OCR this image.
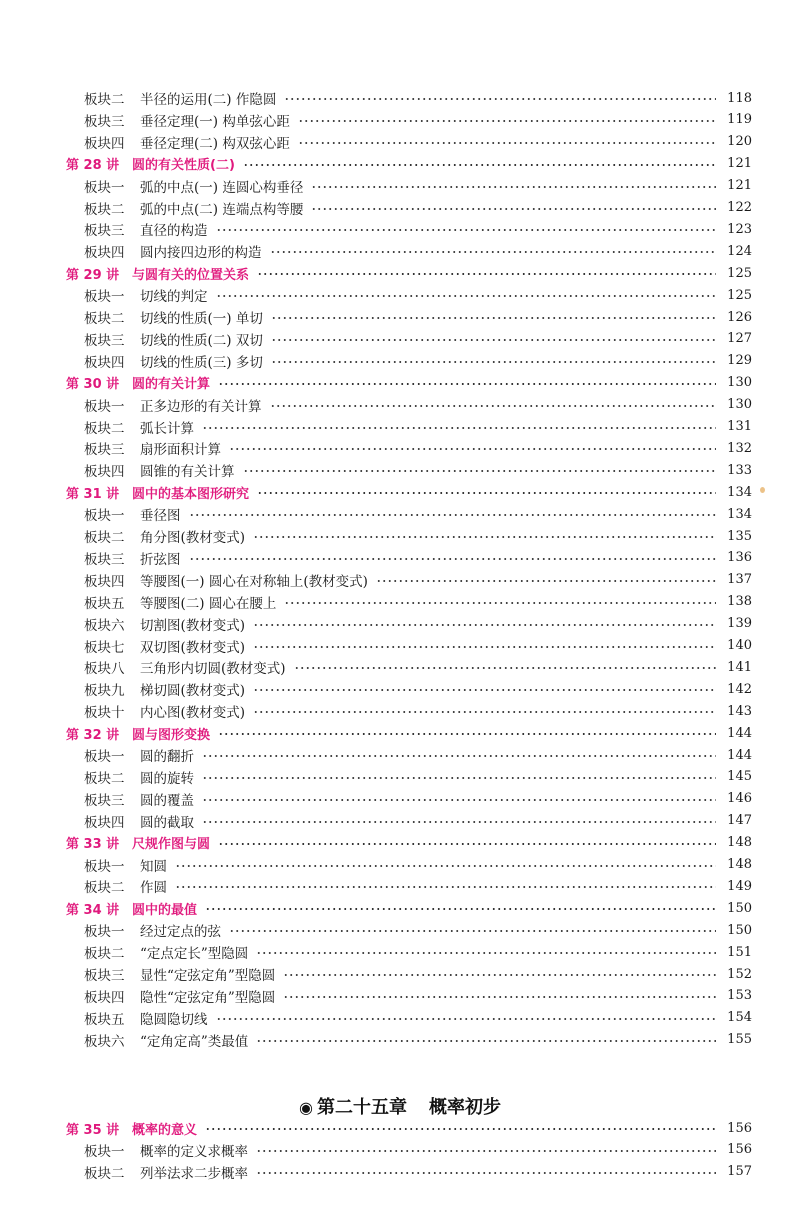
板块二 半径的运用(二) 作隐圆	118
板块三 垂径定理(一) 构单弦心距	119
板块四 垂径定理(二) 构双弦心距	120
第 28 讲 圆的有关性质(二)	121
板块一 弧的中点(一) 连圆心构垂径	121
板块二 弧的中点(二) 连端点构等腰	122
板块三 直径的构造	123
板块四 圆内接四边形的构造	124
第 29 讲 与圆有关的位置关系	125
板块一 切线的判定	125
板块二 切线的性质(一) 单切	126
板块三 切线的性质(二) 双切	127
板块四 切线的性质(三) 多切	129
第 30 讲 圆的有关计算	130
板块一 正多边形的有关计算	130
板块二 弧长计算	131
板块三 扇形面积计算	132
板块四 圆锥的有关计算	133
第 31 讲 圆中的基本图形研究	134
板块一 垂径图	134
板块二 角分图(教材变式)	135
板块三 折弦图	136
板块四 等腰图(一) 圆心在对称轴上(教材变式)	137
板块五 等腰图(二) 圆心在腰上	138
板块六 切割图(教材变式)	139
板块七 双切图(教材变式)	140
板块八 三角形内切圆(教材变式)	141
板块九 梯切圆(教材变式)	142
板块十 内心图(教材变式)	143
第 32 讲 圆与图形变换	144
板块一 圆的翻折	144
板块二 圆的旋转	145
板块三 圆的覆盖	146
板块四 圆的截取	147
第 33 讲 尺规作图与圆	148
板块一 知圆	148
板块二 作圆	149
第 34 讲 圆中的最值	150
板块一 经过定点的弦	150
板块二 “定点定长”型隐圆	151
板块三 显性“定弦定角”型隐圆	152
板块四 隐性“定弦定角”型隐圆	153
板块五 隐圆隐切线	154
板块六 “定角定高”类最值	155
第 35 讲 概率的意义	156
板块一 概率的定义求概率	156
板块二 列举法求二步概率	157
◉ 第二十五章 概率初步
